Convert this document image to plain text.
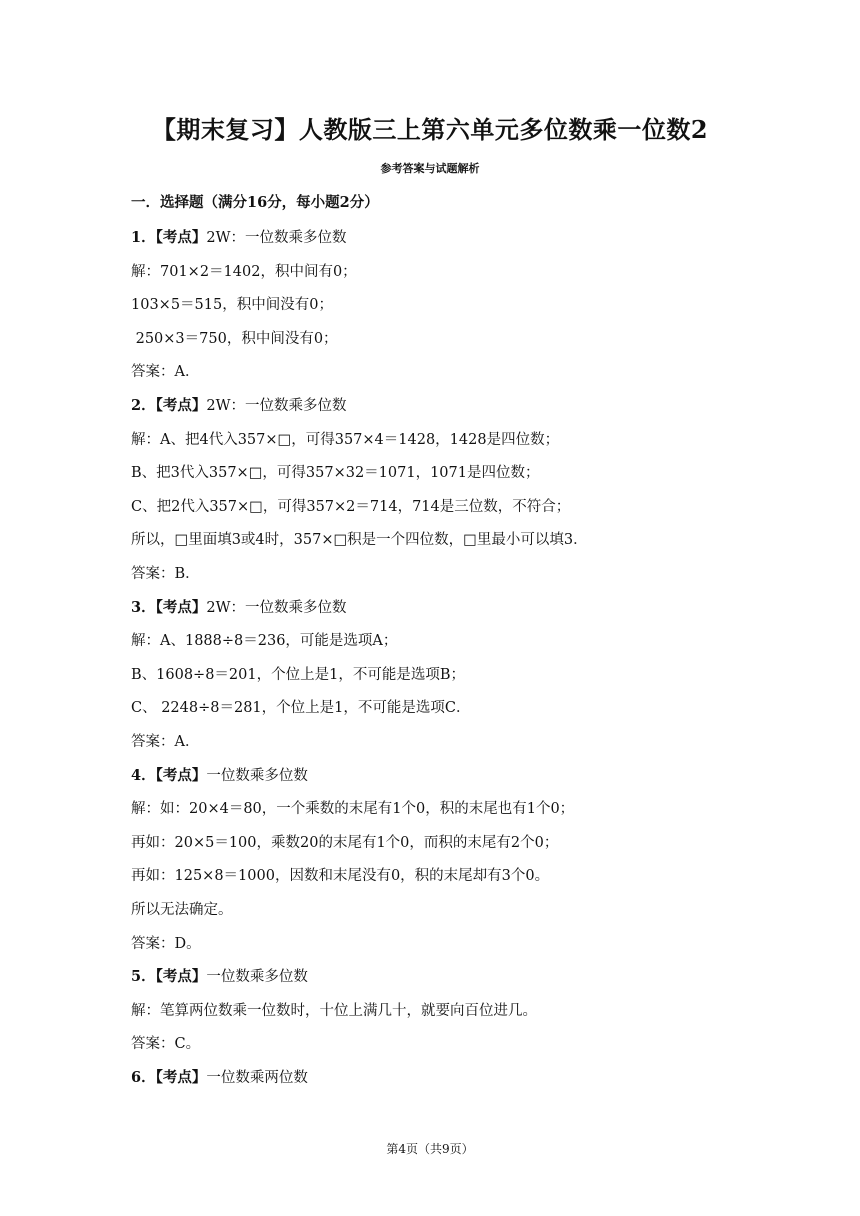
【期末复习】人教版三上第六单元多位数乘一位数2
参考答案与试题解析
一．选择题（满分16分，每小题2分）
1．【考点】2W：一位数乘多位数
解：701×2＝1402，积中间有0；
103×5＝515，积中间没有0；
250×3＝750，积中间没有0；
答案：A．
2．【考点】2W：一位数乘多位数
解：A、把4代入357×□，可得357×4＝1428，1428是四位数；
B、把3代入357×□，可得357×32＝1071，1071是四位数；
C、把2代入357×□，可得357×2＝714，714是三位数，不符合；
所以，□里面填3或4时，357×□积是一个四位数，□里最小可以填3．
答案：B．
3．【考点】2W：一位数乘多位数
解：A、1888÷8＝236，可能是选项A；
B、1608÷8＝201，个位上是1，不可能是选项B；
C、 2248÷8＝281，个位上是1，不可能是选项C．
答案：A．
4．【考点】一位数乘多位数
解：如：20×4＝80，一个乘数的末尾有1个0，积的末尾也有1个0；
再如：20×5＝100，乘数20的末尾有1个0，而积的末尾有2个0；
再如：125×8＝1000，因数和末尾没有0，积的末尾却有3个0。
所以无法确定。
答案：D。
5．【考点】一位数乘多位数
解：笔算两位数乘一位数时，十位上满几十，就要向百位进几。
答案：C。
6．【考点】一位数乘两位数
第4页（共9页）
